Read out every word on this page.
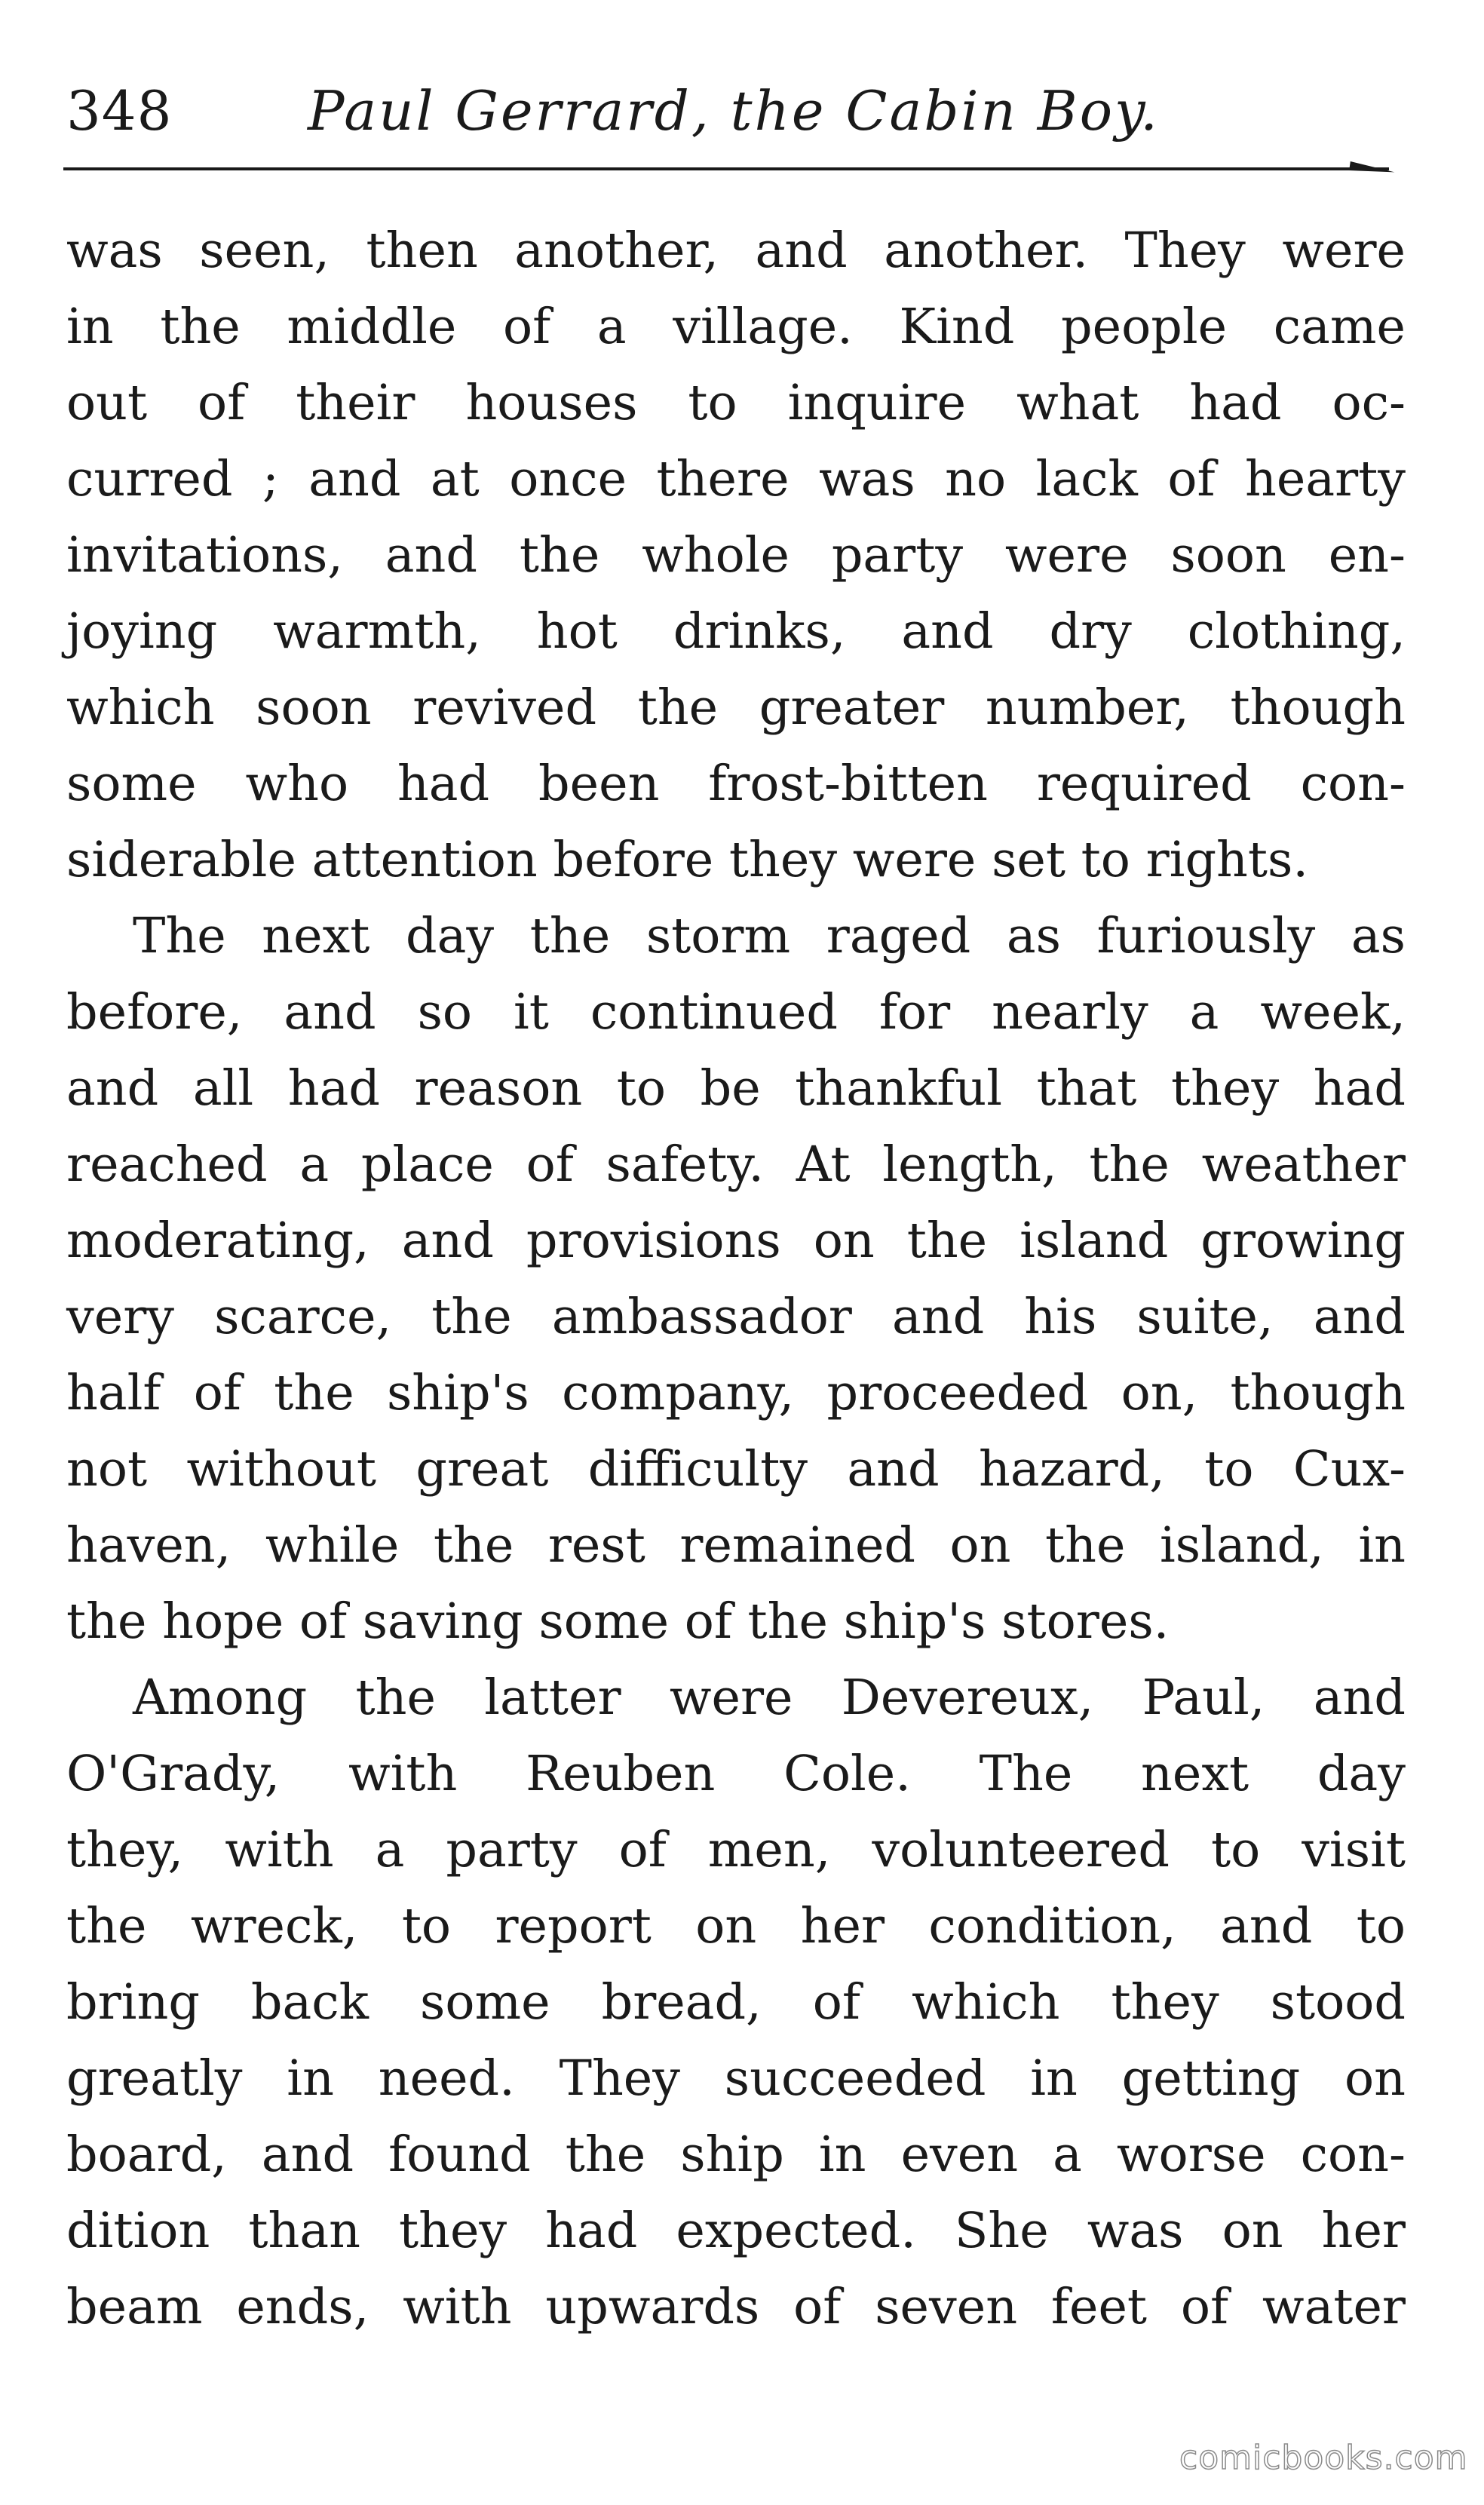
348 Paul Gerrard, the Cabin Boy.
was seen, then another, and another. They were
in the middle of a village. Kind people came
out of their houses to inquire what had oc-
curred ; and at once there was no lack of hearty
invitations, and the whole party were soon en-
joying warmth, hot drinks, and dry clothing,
which soon revived the greater number, though
some who had been frost-bitten required con-
siderable attention before they were set to rights.
The next day the storm raged as furiously as
before, and so it continued for nearly a week,
and all had reason to be thankful that they had
reached a place of safety. At length, the weather
moderating, and provisions on the island growing
very scarce, the ambassador and his suite, and
half of the ship's company, proceeded on, though
not without great difficulty and hazard, to Cux-
haven, while the rest remained on the island, in
the hope of saving some of the ship's stores.
Among the latter were Devereux, Paul, and
O'Grady, with Reuben Cole. The next day
they, with a party of men, volunteered to visit
the wreck, to report on her condition, and to
bring back some bread, of which they stood
greatly in need. They succeeded in getting on
board, and found the ship in even a worse con-
dition than they had expected. She was on her
beam ends, with upwards of seven feet of water
comicbooks.com
